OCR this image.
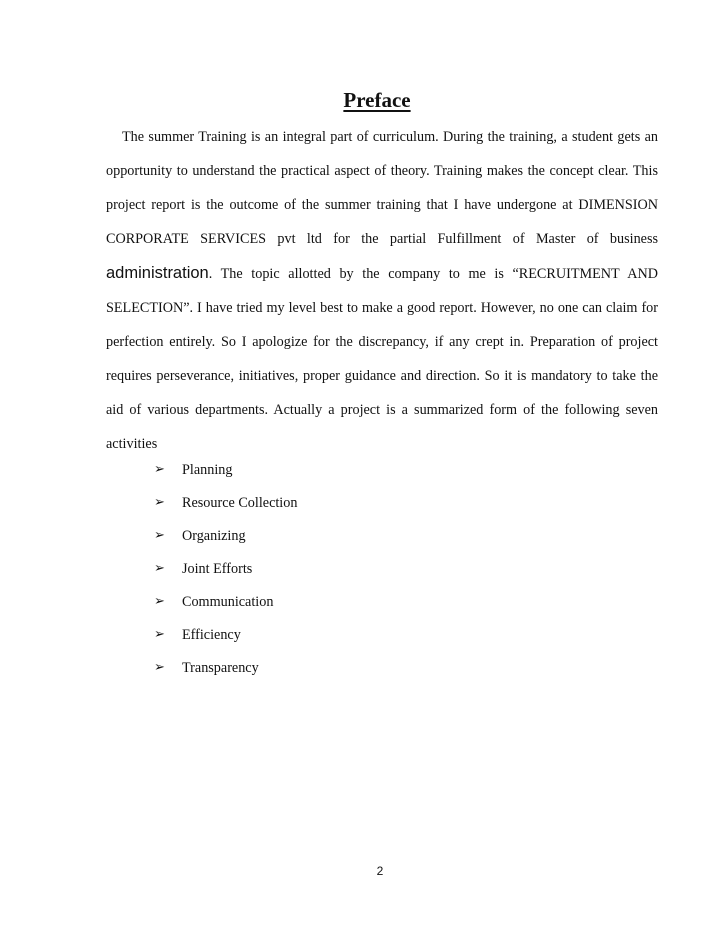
Preface

The summer Training is an integral part of curriculum. During the training, a student gets an opportunity to understand the practical aspect of theory. Training makes the concept clear. This project report is the outcome of the summer training that I have undergone at DIMENSION CORPORATE SERVICES pvt ltd for the partial Fulfillment of Master of business administration. The topic allotted by the company to me is “RECRUITMENT AND SELECTION”. I have tried my level best to make a good report. However, no one can claim for perfection entirely. So I apologize for the discrepancy, if any crept in. Preparation of project requires perseverance, initiatives, proper guidance and direction. So it is mandatory to take the aid of various departments. Actually a project is a summarized form of the following seven activities

➢	Planning
➢	Resource Collection
➢	Organizing
➢	Joint Efforts
➢	Communication
➢	Efficiency
➢	Transparency
2
